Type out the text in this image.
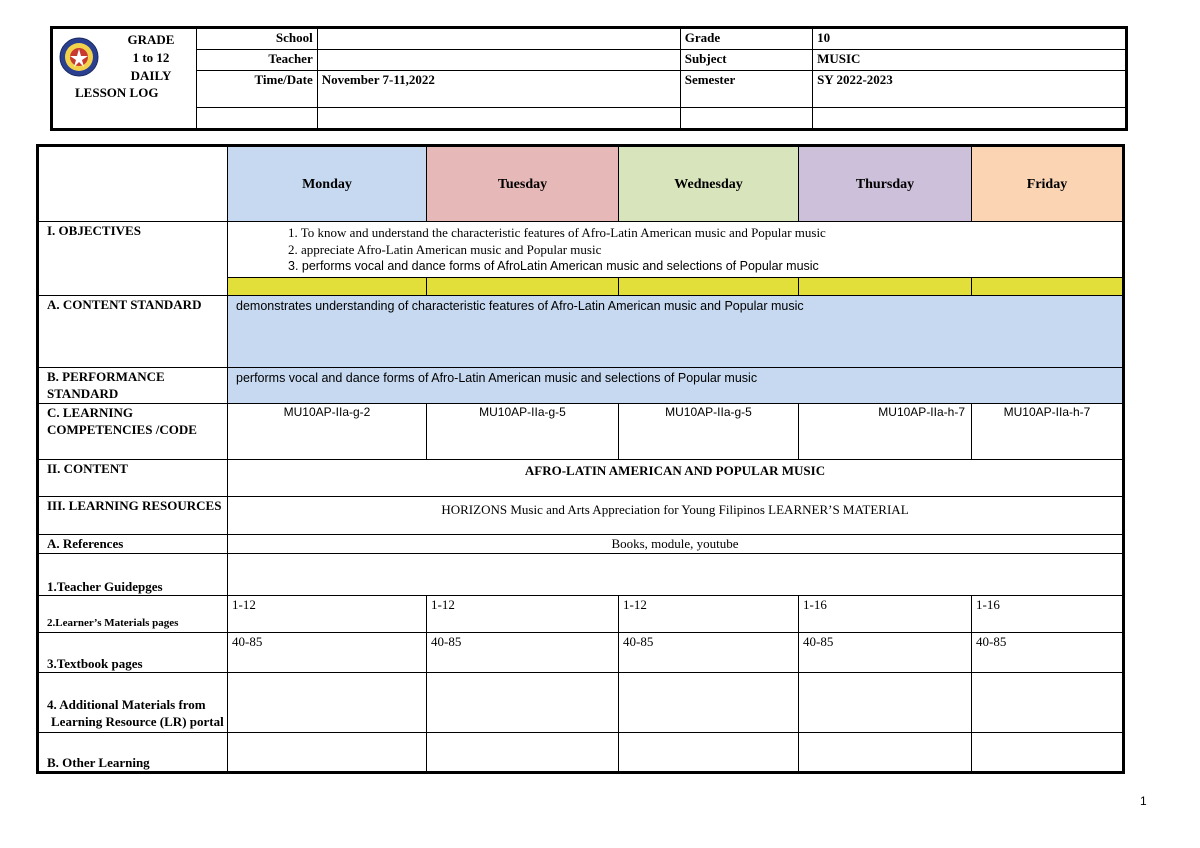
GRADE
1 to 12
DAILY
LESSON LOG	School		Grade	10
	Teacher		Subject	MUSIC
	Time/Date	November 7-11,2022	Semester	SY 2022-2023

	Monday	Tuesday	Wednesday	Thursday	Friday
I. OBJECTIVES	1. To know and understand the characteristic features of Afro-Latin American music and Popular music
2. appreciate Afro-Latin American music and Popular music
3. performs vocal and dance forms of AfroLatin American music and selections of Popular music				

A. CONTENT STANDARD	demonstrates understanding of characteristic features of Afro-Latin American music and Popular music				
B. PERFORMANCE STANDARD	performs vocal and dance forms of Afro-Latin American music and selections of Popular music				
C. LEARNING COMPETENCIES /CODE	MU10AP-IIa-g-2	MU10AP-IIa-g-5	MU10AP-IIa-g-5	MU10AP-IIa-h-7	MU10AP-IIa-h-7
II. CONTENT	AFRO-LATIN AMERICAN AND POPULAR MUSIC				
III. LEARNING RESOURCES	HORIZONS Music and Arts Appreciation for Young Filipinos LEARNER’S MATERIAL				
A. References	Books, module, youtube				
1.Teacher Guidepges					
2.Learner’s Materials pages	1-12	1-12	1-12	1-16	1-16
3.Textbook pages	40-85	40-85	40-85	40-85	40-85

4. Additional Materials from
Learning Resource (LR) portal					

B. Other Learning					
1
